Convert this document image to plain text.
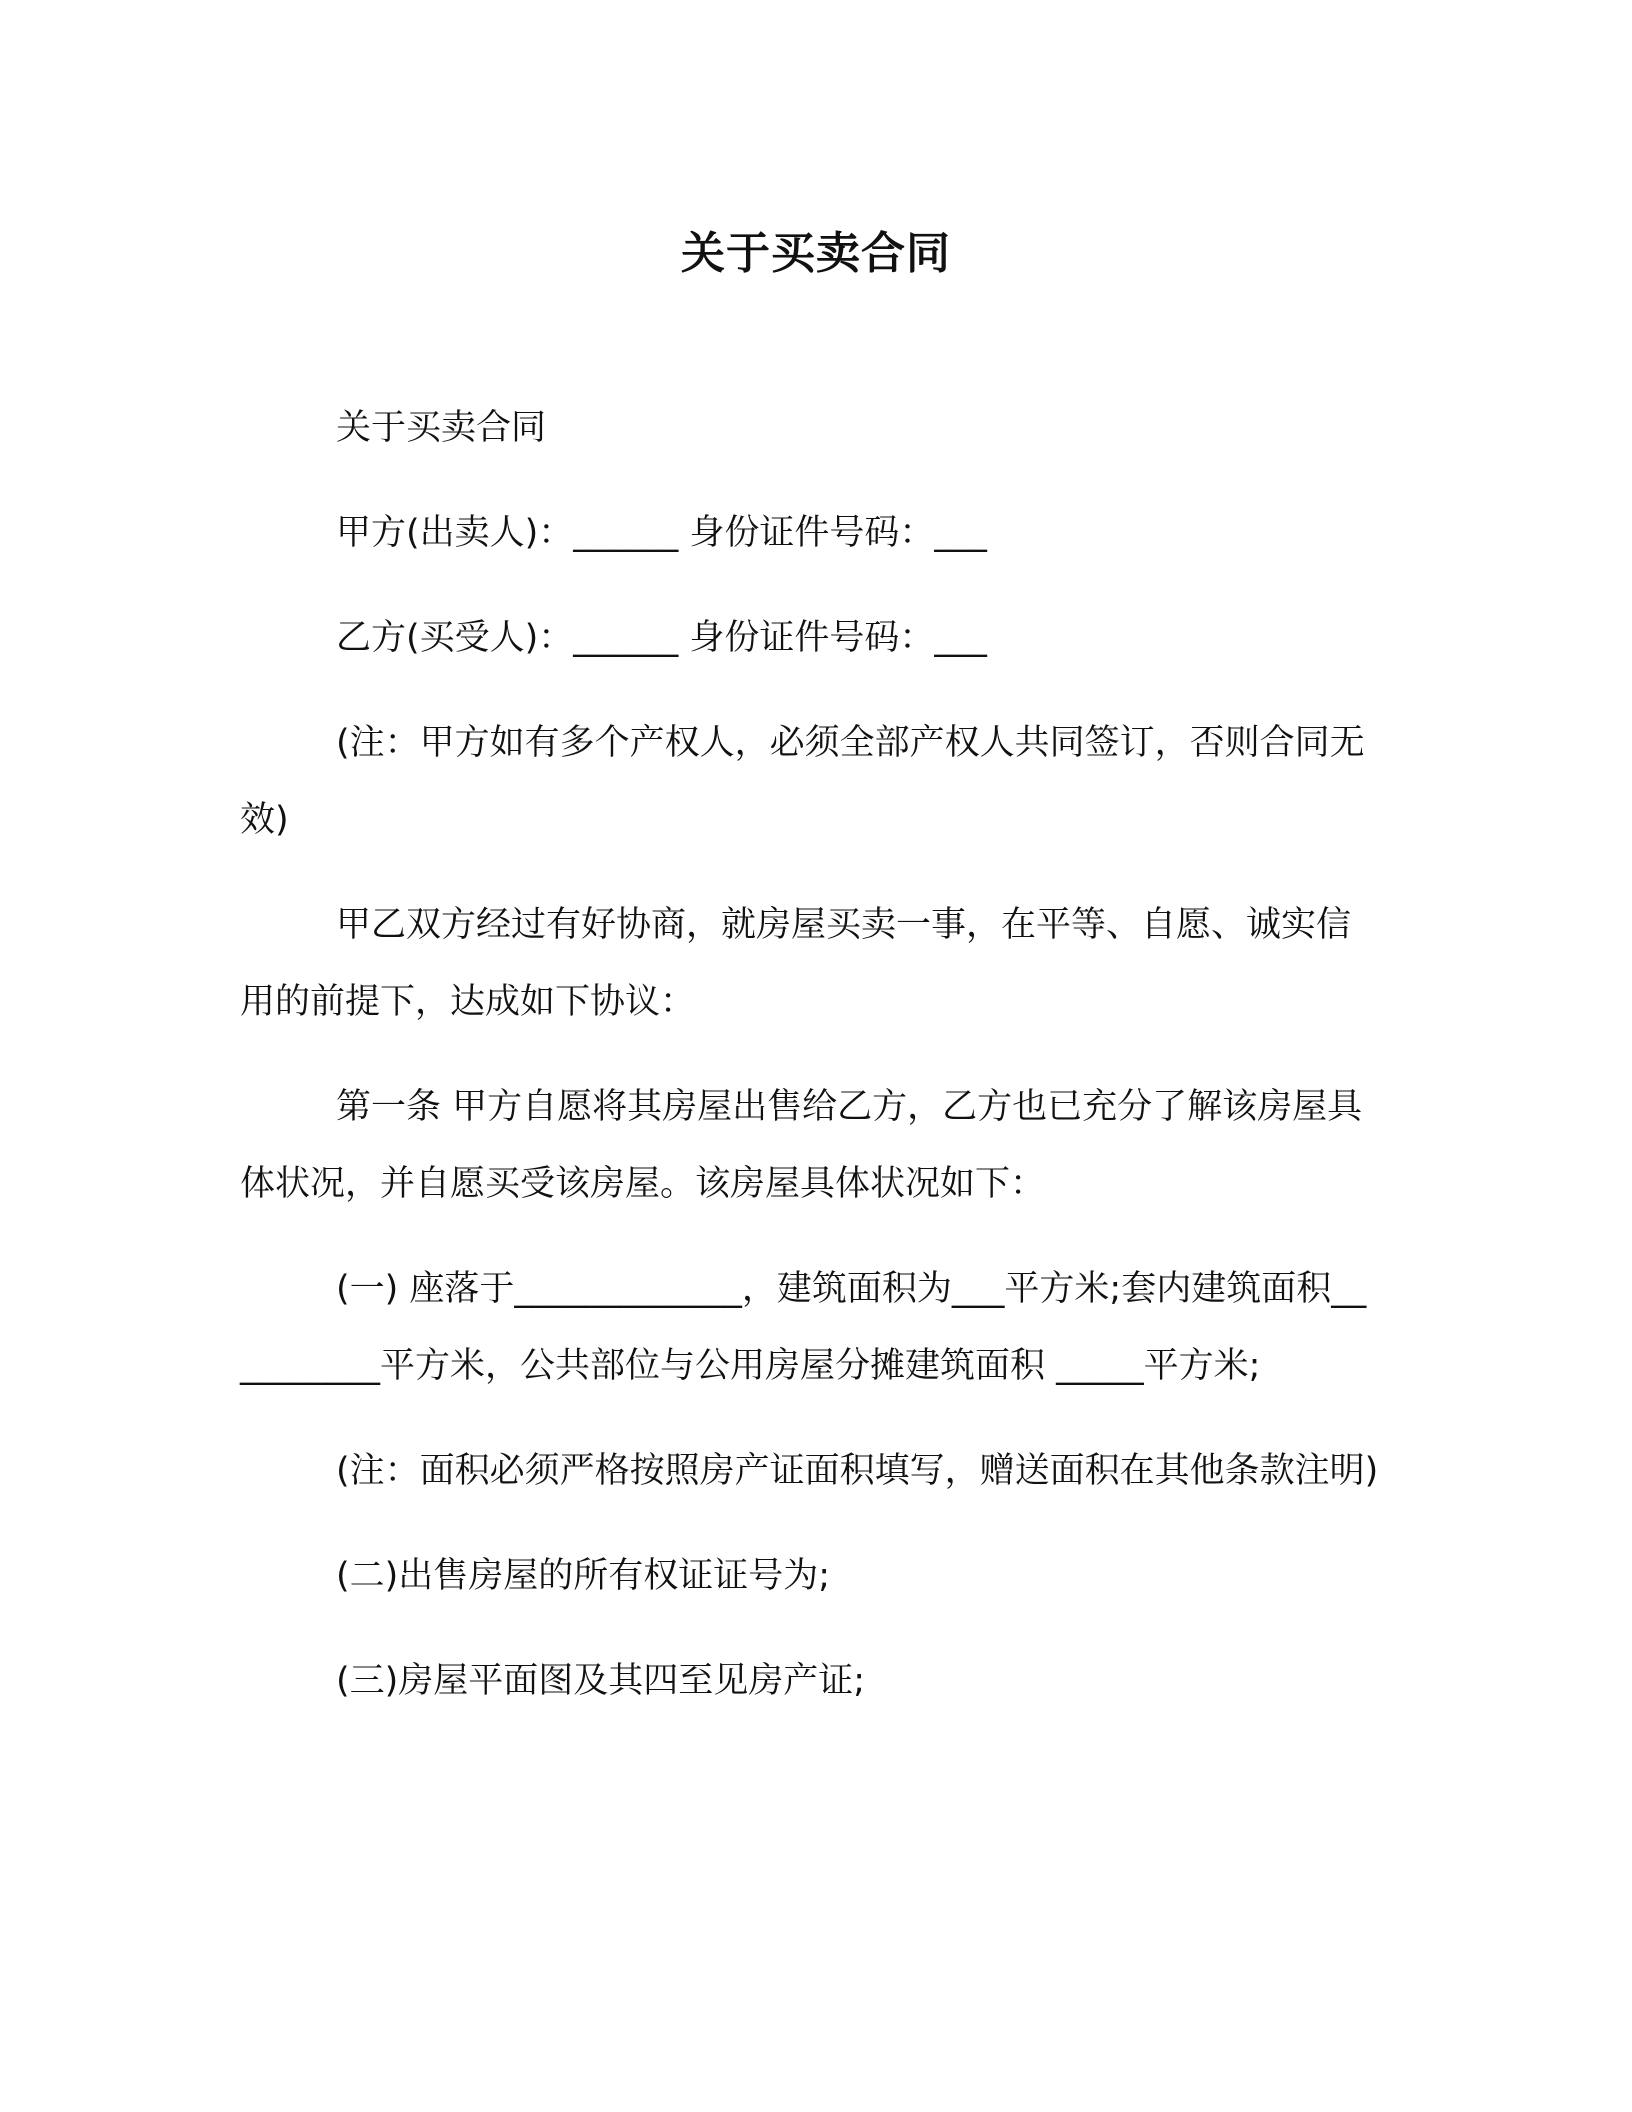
关于买卖合同

关于买卖合同

甲方(出卖人)：______ 身份证件号码：___

乙方(买受人)：______ 身份证件号码：___

(注：甲方如有多个产权人，必须全部产权人共同签订，否则合同无效)

甲乙双方经过有好协商，就房屋买卖一事，在平等、自愿、诚实信用的前提下，达成如下协议：

第一条 甲方自愿将其房屋出售给乙方，乙方也已充分了解该房屋具体状况，并自愿买受该房屋。该房屋具体状况如下：

(一) 座落于_____________，建筑面积为___平方米;套内建筑面积__________平方米，公共部位与公用房屋分摊建筑面积 _____平方米;

(注：面积必须严格按照房产证面积填写，赠送面积在其他条款注明)

(二)出售房屋的所有权证证号为;

(三)房屋平面图及其四至见房产证;
